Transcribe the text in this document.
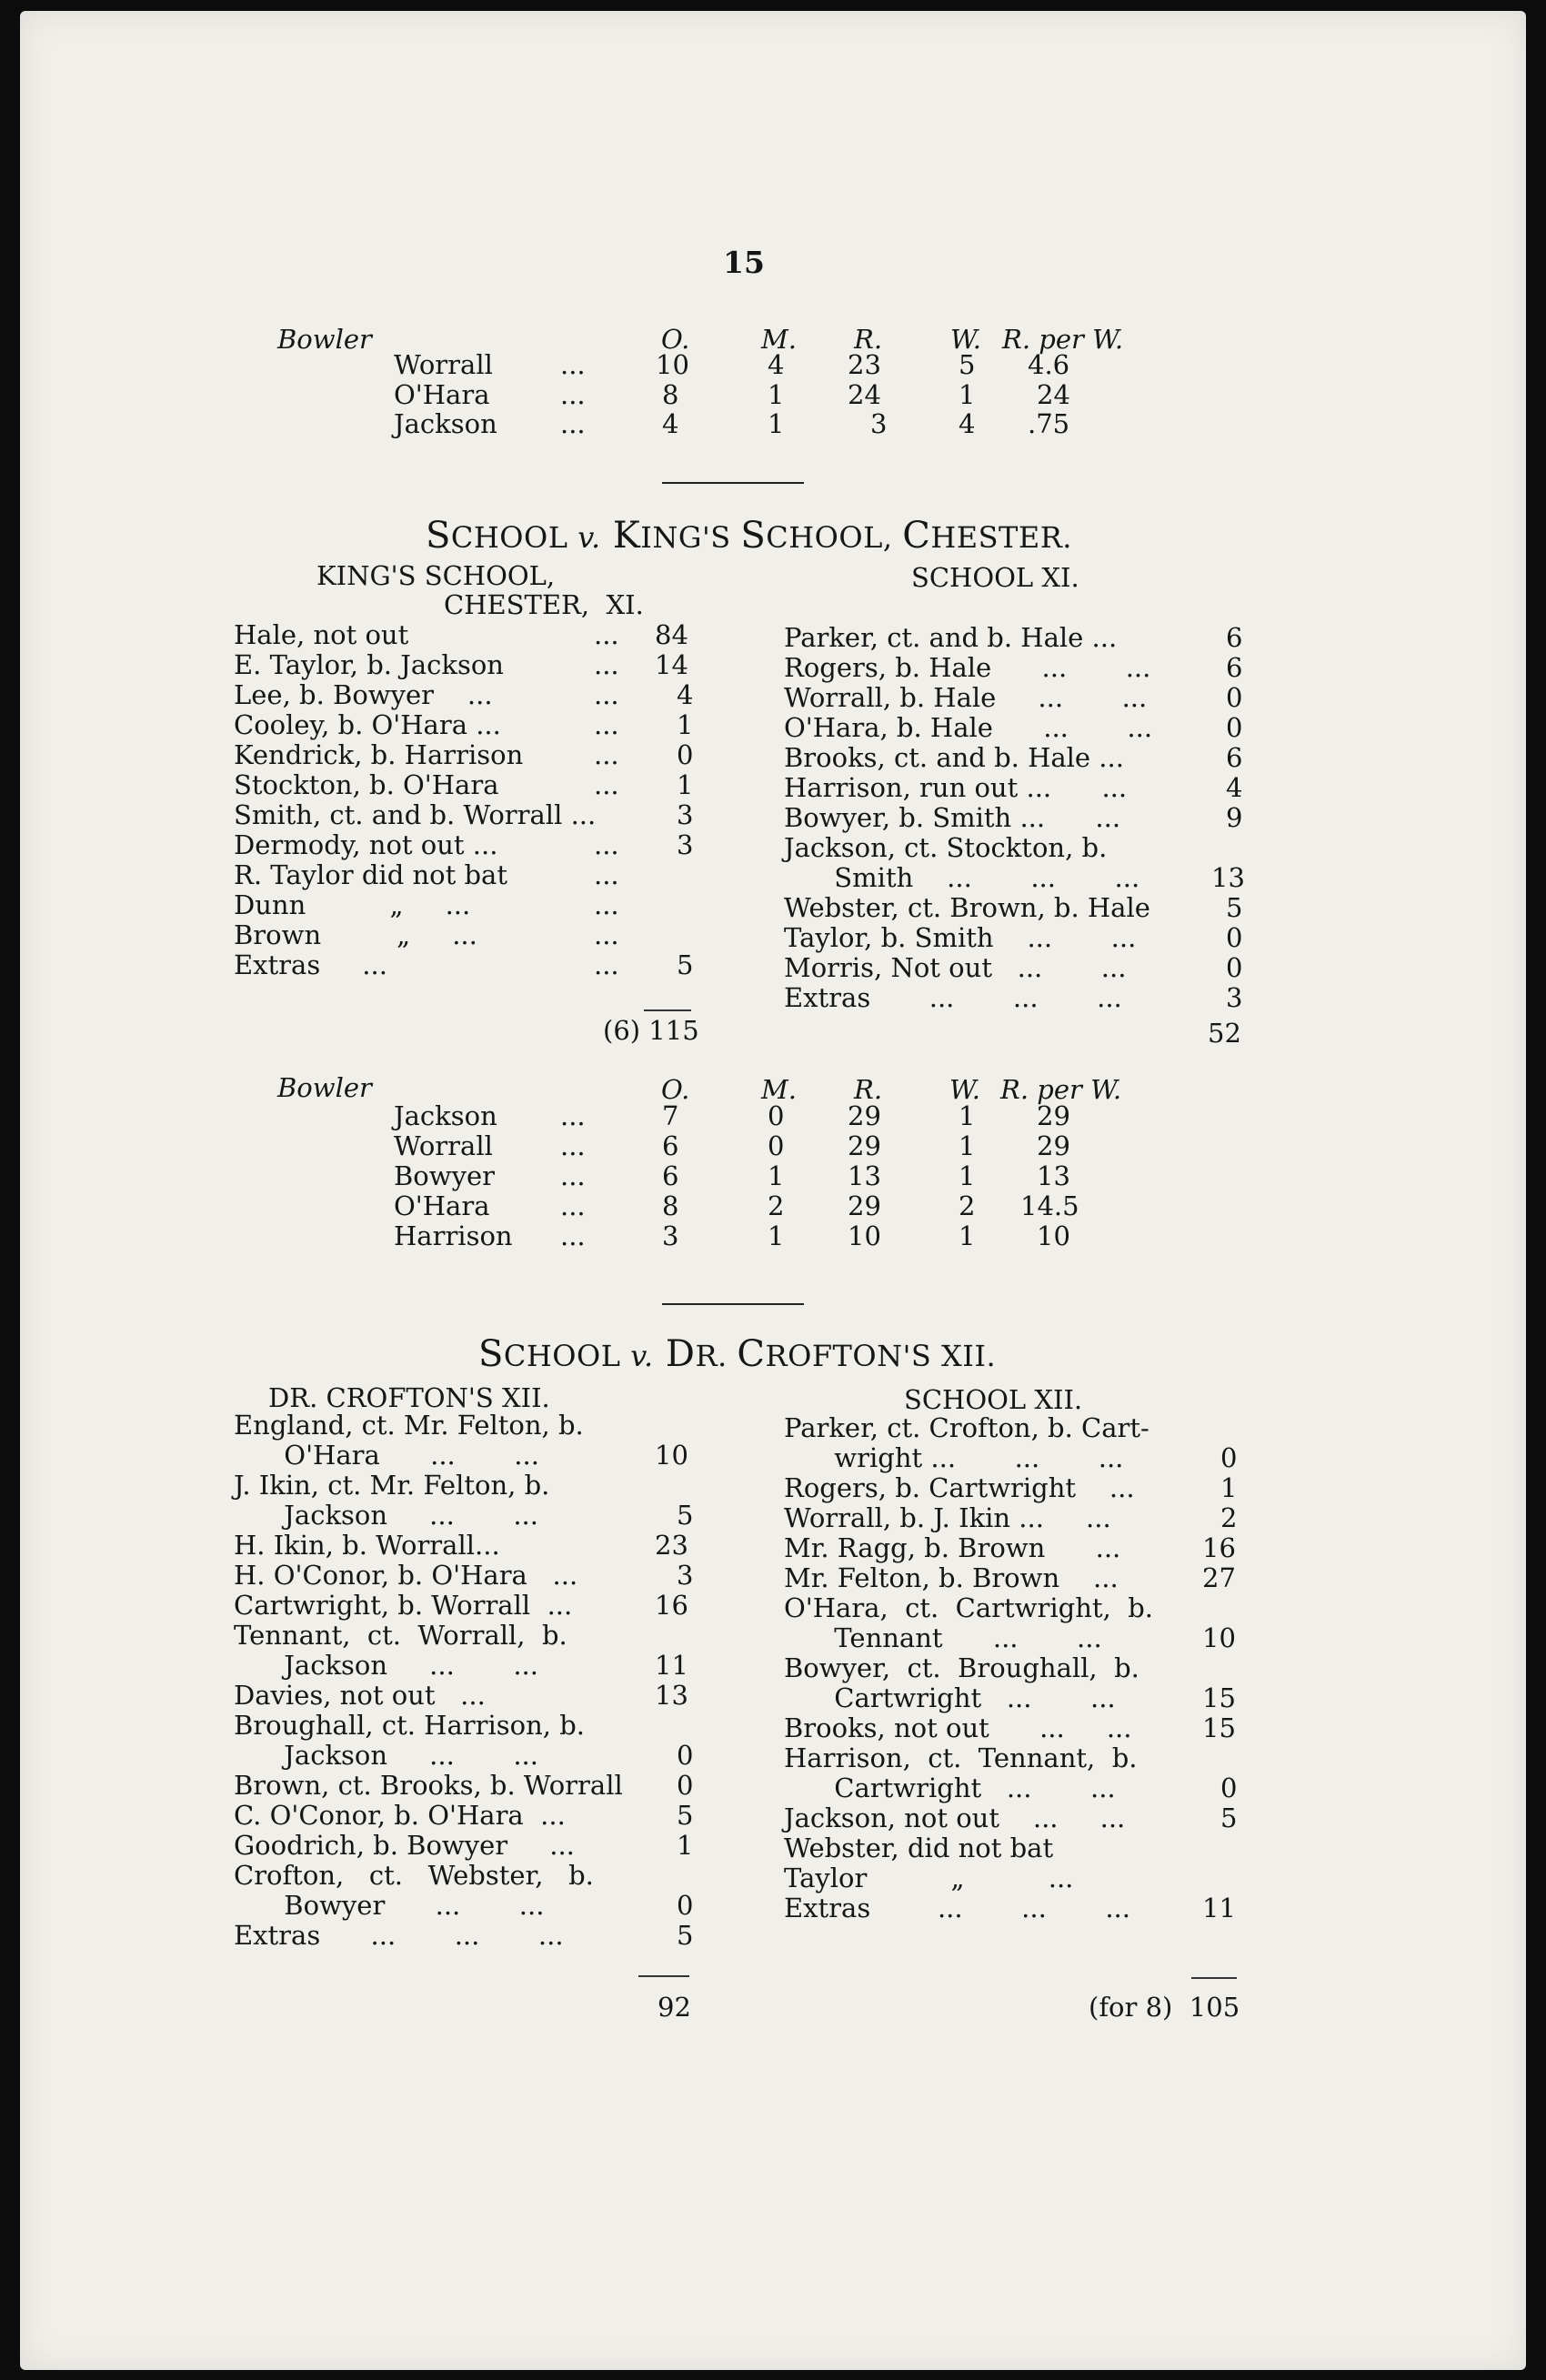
15
Bowler	O.	M. R.	W. R. per W.
Worrall	...	10	4 23	5 4.6
O'Hara	...	8	1 24	1 24
Jackson ...	4	1	3	4 .75
SCHOOL v. KING'S SCHOOL, CHESTER.
KING'S SCHOOL,
CHESTER,  XI.
SCHOOL XI.
Hale, not out	... 84
E. Taylor, b. Jackson	... 14
Lee, b. Bowyer    ...	... 4
Cooley, b. O'Hara ...	... 1
Kendrick, b. Harrison	... 0
Stockton, b. O'Hara	... 1
Smith, ct. and b. Worrall ...	3
Dermody, not out ...	... 3
R. Taylor did not bat	...
Dunn          „     ...	...
Brown         „     ...	...
Extras     ...	... 5
(6) 115
Parker, ct. and b. Hale ...	6
Rogers, b. Hale      ...       ...	6
Worrall, b. Hale     ...       ...	0
O'Hara, b. Hale      ...       ...	0
Brooks, ct. and b. Hale ...	6
Harrison, run out ...      ...	4
Bowyer, b. Smith ...      ...	9
Jackson, ct. Stockton, b.
Smith    ...       ...       ...	13
Webster, ct. Brown, b. Hale	5
Taylor, b. Smith    ...       ...	0
Morris, Not out   ...       ...	0
Extras       ...       ...       ...	3
52
Bowler	O.	M. R.	W. R. per W.
Jackson ...	7	0 29	1 29
Worrall	...	6	0 29	1 29
Bowyer ...	6	1 13	1 13
O'Hara	...	8	2 29	2 14.5
Harrison ...	3	1 10	1 10
SCHOOL v. DR. CROFTON'S XII.
DR. CROFTON'S XII.	SCHOOL XII.
England, ct. Mr. Felton, b.
O'Hara      ...       ...	10
J. Ikin, ct. Mr. Felton, b.
Jackson     ...       ...	5
H. Ikin, b. Worrall...	23
H. O'Conor, b. O'Hara   ...	3
Cartwright, b. Worrall  ...	16
Tennant,  ct.  Worrall,  b.
Jackson     ...       ...	11
Davies, not out   ...	13
Broughall, ct. Harrison, b.
Jackson     ...       ...	0
Brown, ct. Brooks, b. Worrall 0
C. O'Conor, b. O'Hara  ...	5
Goodrich, b. Bowyer     ...	1
Crofton,   ct.   Webster,   b.
Bowyer      ...       ...	0
Extras      ...       ...       ...	5
92
Parker, ct. Crofton, b. Cart-
wright ...       ...       ...	0
Rogers, b. Cartwright    ...	1
Worrall, b. J. Ikin ...     ...	2
Mr. Ragg, b. Brown      ...	16
Mr. Felton, b. Brown    ...	27
O'Hara,  ct.  Cartwright,  b.
Tennant      ...       ...	10
Bowyer,  ct.  Broughall,  b.
Cartwright   ...       ...	15
Brooks, not out      ...     ...	15
Harrison,  ct.  Tennant,  b.
Cartwright   ...       ...	0
Jackson, not out    ...     ...	5
Webster, did not bat
Taylor          „          ...
Extras        ...       ...       ...	11
(for 8)  105
